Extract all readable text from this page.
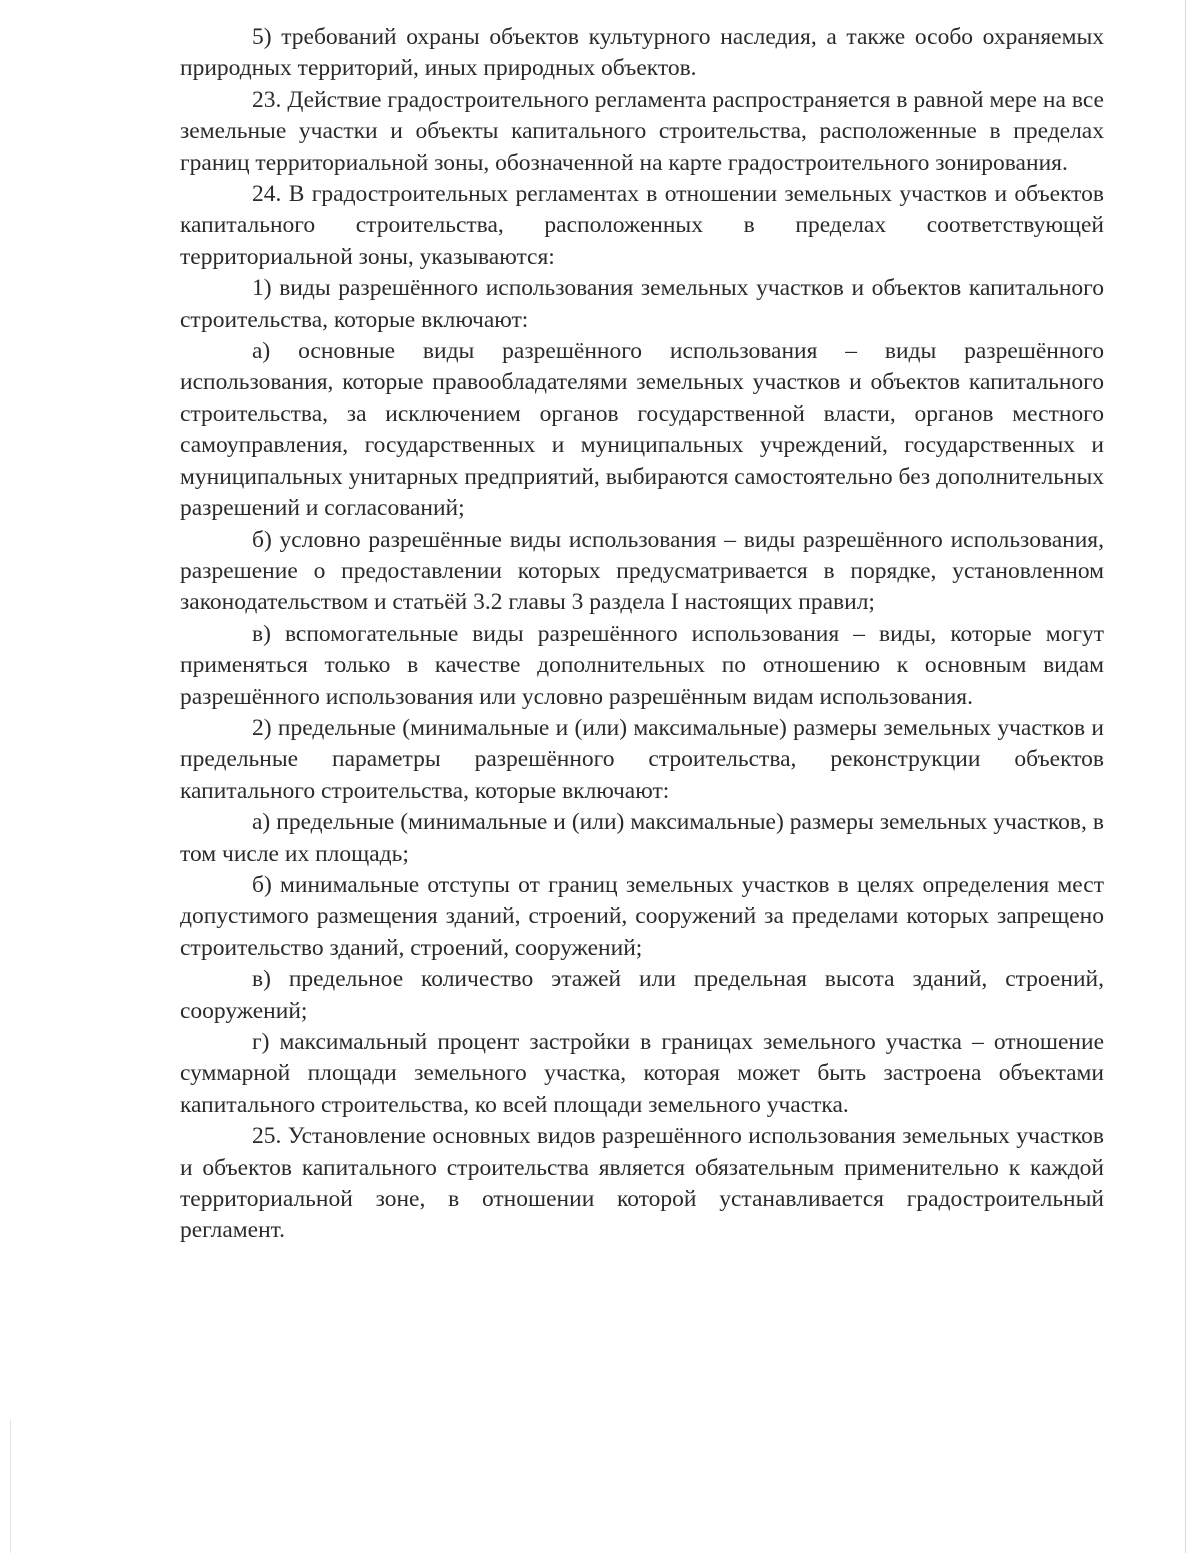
5) требований охраны объектов культурного наследия, а также особо охраняемых природных территорий, иных природных объектов.

23. Действие градостроительного регламента распространяется в равной мере на все земельные участки и объекты капитального строительства, расположенные в пределах границ территориальной зоны, обозначенной на карте градостроительного зонирования.

24. В градостроительных регламентах в отношении земельных участков и объектов капитального строительства, расположенных в пределах соответствующей территориальной зоны, указываются:

1) виды разрешённого использования земельных участков и объектов капитального строительства, которые включают:

а) основные виды разрешённого использования – виды разрешённого использования, которые правообладателями земельных участков и объектов капитального строительства, за исключением органов государственной власти, органов местного самоуправления, государственных и муниципальных учреждений, государственных и муниципальных унитарных предприятий, выбираются самостоятельно без дополнительных разрешений и согласований;

б) условно разрешённые виды использования – виды разрешённого использования, разрешение о предоставлении которых предусматривается в порядке, установленном законодательством и статьёй 3.2 главы 3 раздела I настоящих правил;

в) вспомогательные виды разрешённого использования – виды, которые могут применяться только в качестве дополнительных по отношению к основным видам разрешённого использования или условно разрешённым видам использования.

2) предельные (минимальные и (или) максимальные) размеры земельных участков и предельные параметры разрешённого строительства, реконструкции объектов капитального строительства, которые включают:

а) предельные (минимальные и (или) максимальные) размеры земельных участков, в том числе их площадь;

б) минимальные отступы от границ земельных участков в целях определения мест допустимого размещения зданий, строений, сооружений за пределами которых запрещено строительство зданий, строений, сооружений;

в) предельное количество этажей или предельная высота зданий, строений, сооружений;

г) максимальный процент застройки в границах земельного участка – отношение суммарной площади земельного участка, которая может быть застроена объектами капитального строительства, ко всей площади земельного участка.

25. Установление основных видов разрешённого использования земельных участков и объектов капитального строительства является обязательным применительно к каждой территориальной зоне, в отношении которой устанавливается градостроительный регламент.
